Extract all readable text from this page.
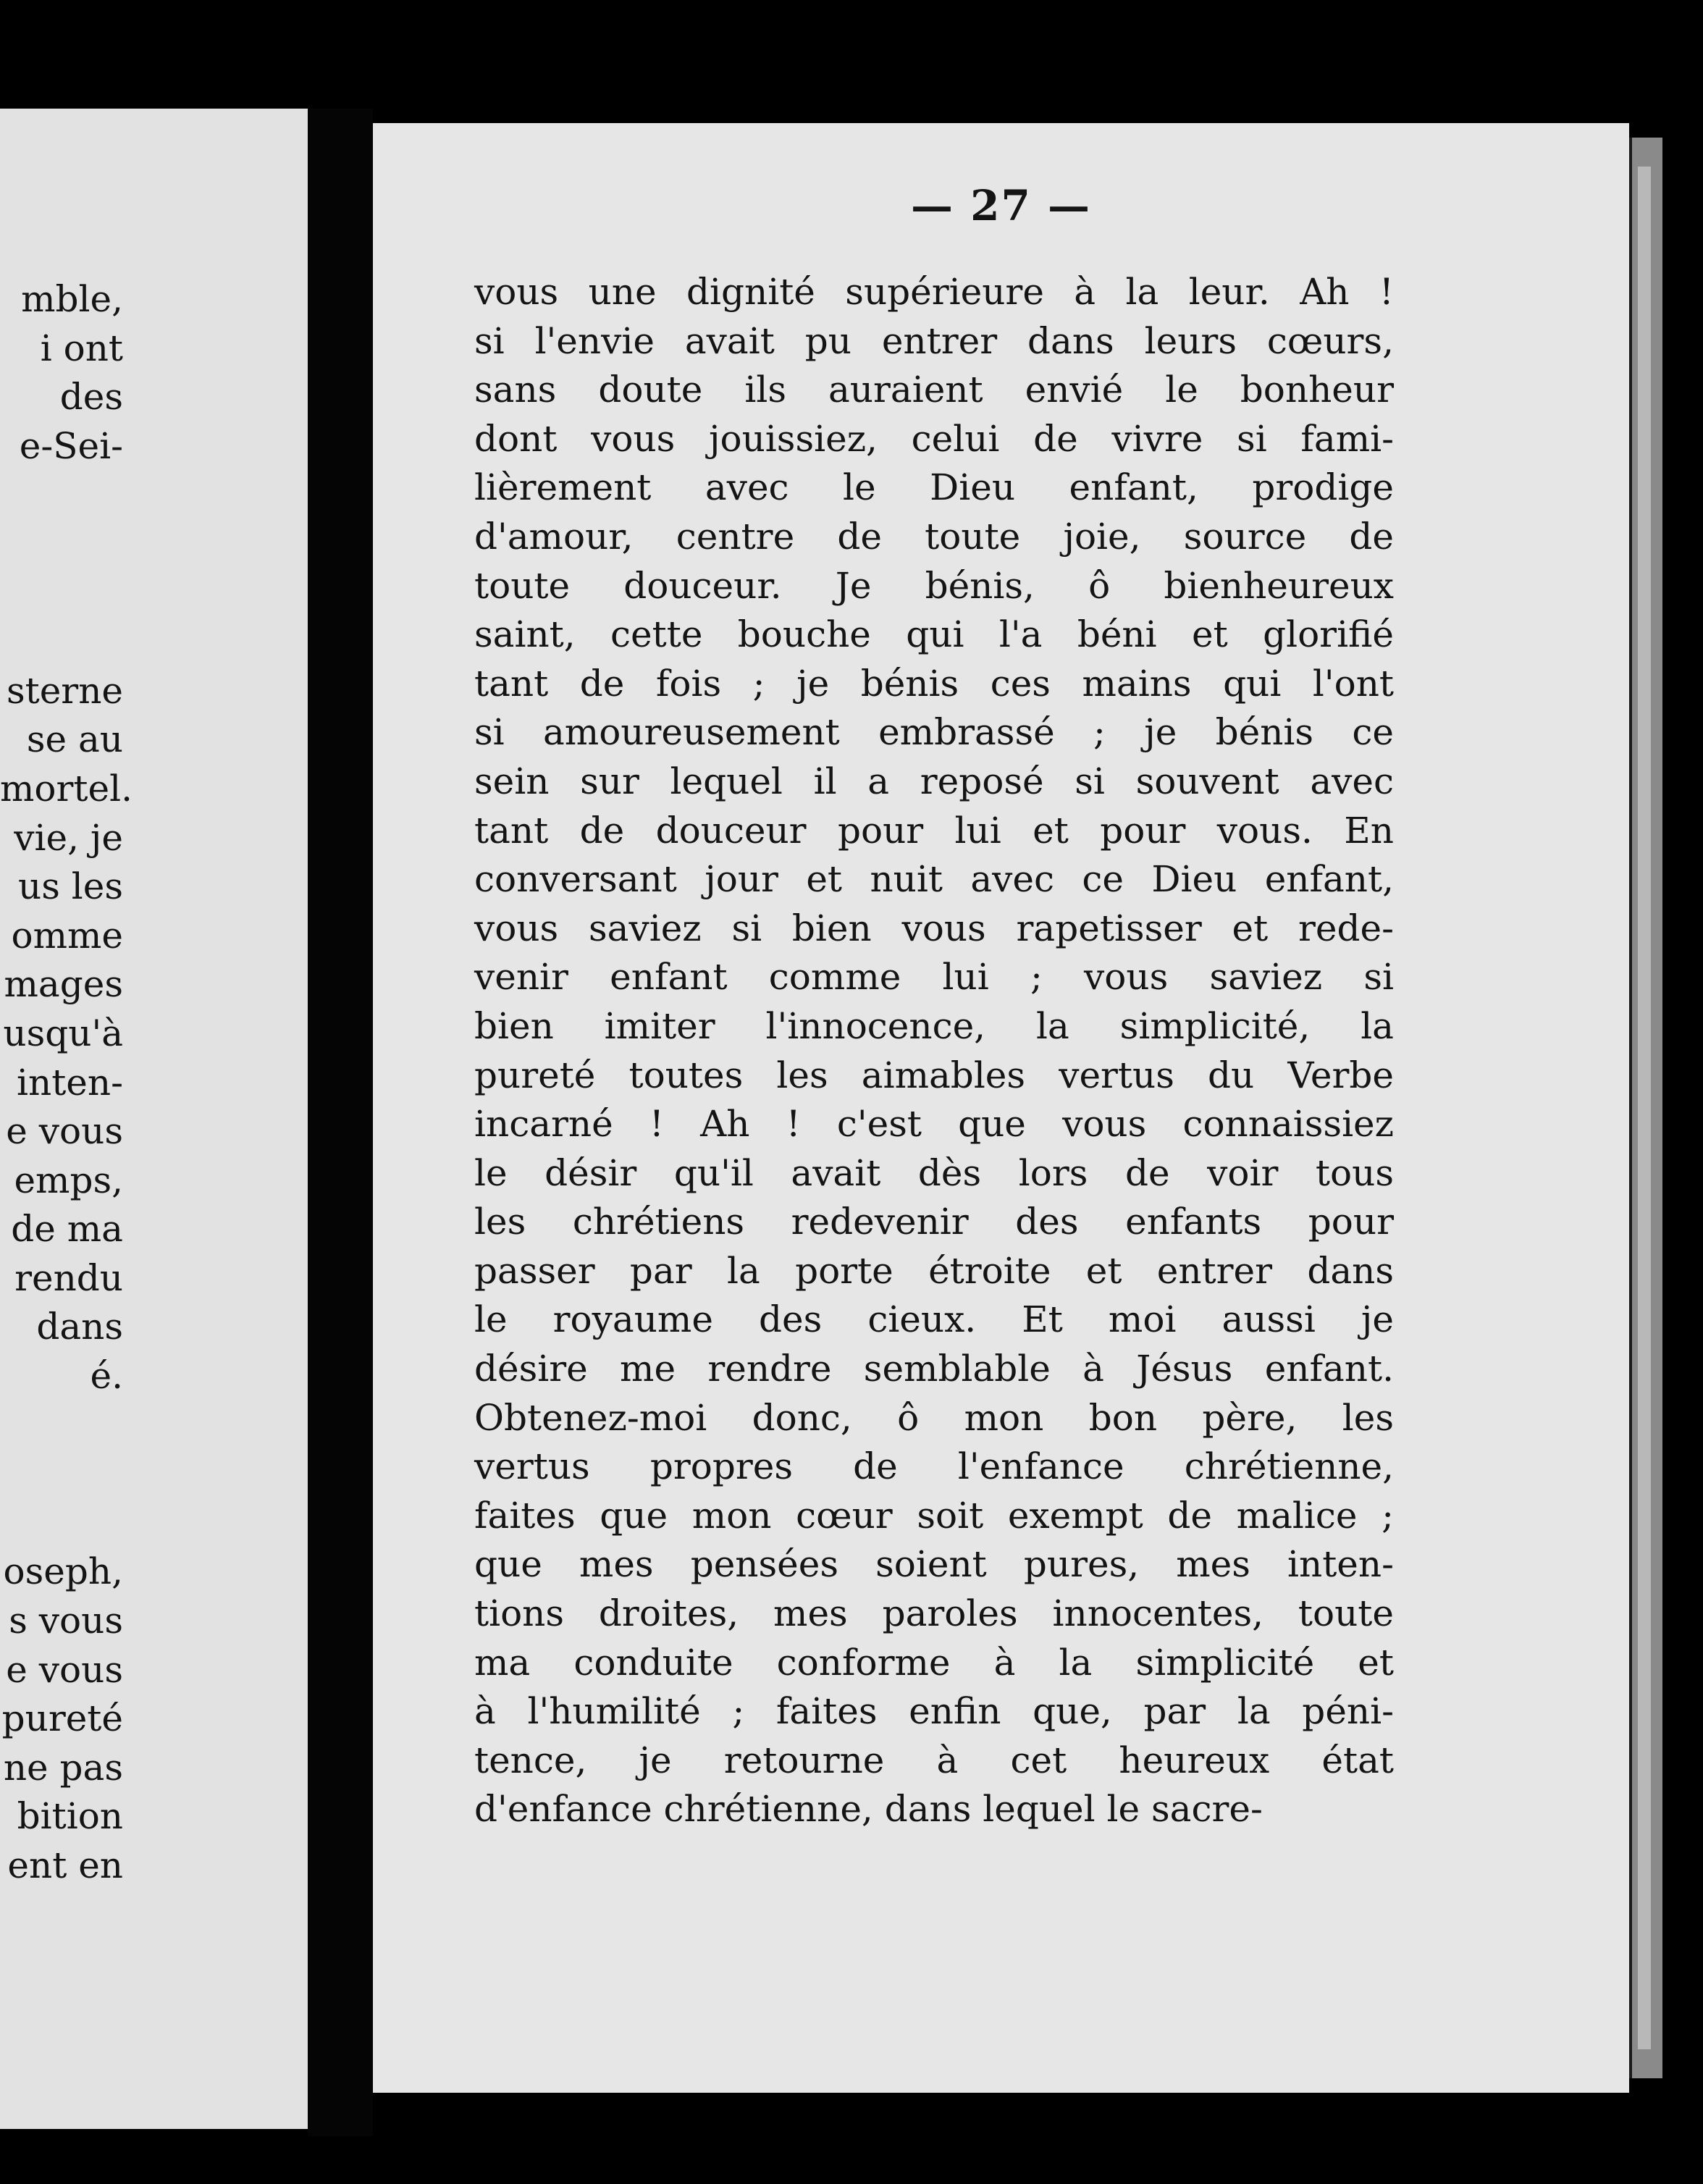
mble,
i ont
des
e-Sei-
sterne
se au
mortel.
vie, je
us les
omme
mages
usqu'à
inten-
e vous
emps,
de ma
rendu
dans
é.
oseph,
s vous
e vous
pureté
ne pas
bition
ent en
— 27 —
vous une dignité supérieure à la leur. Ah !
si l'envie avait pu entrer dans leurs cœurs,
sans doute ils auraient envié le bonheur
dont vous jouissiez, celui de vivre si fami-
lièrement avec le Dieu enfant, prodige
d'amour, centre de toute joie, source de
toute douceur. Je bénis, ô bienheureux
saint, cette bouche qui l'a béni et glorifié
tant de fois ; je bénis ces mains qui l'ont
si amoureusement embrassé ; je bénis ce
sein sur lequel il a reposé si souvent avec
tant de douceur pour lui et pour vous. En
conversant jour et nuit avec ce Dieu enfant,
vous saviez si bien vous rapetisser et rede-
venir enfant comme lui ; vous saviez si
bien imiter l'innocence, la simplicité, la
pureté toutes les aimables vertus du Verbe
incarné ! Ah ! c'est que vous connaissiez
le désir qu'il avait dès lors de voir tous
les chrétiens redevenir des enfants pour
passer par la porte étroite et entrer dans
le royaume des cieux. Et moi aussi je
désire me rendre semblable à Jésus enfant.
Obtenez-moi donc, ô mon bon père, les
vertus propres de l'enfance chrétienne,
faites que mon cœur soit exempt de malice ;
que mes pensées soient pures, mes inten-
tions droites, mes paroles innocentes, toute
ma conduite conforme à la simplicité et
à l'humilité ; faites enfin que, par la péni-
tence, je retourne à cet heureux état
d'enfance chrétienne, dans lequel le sacre-
